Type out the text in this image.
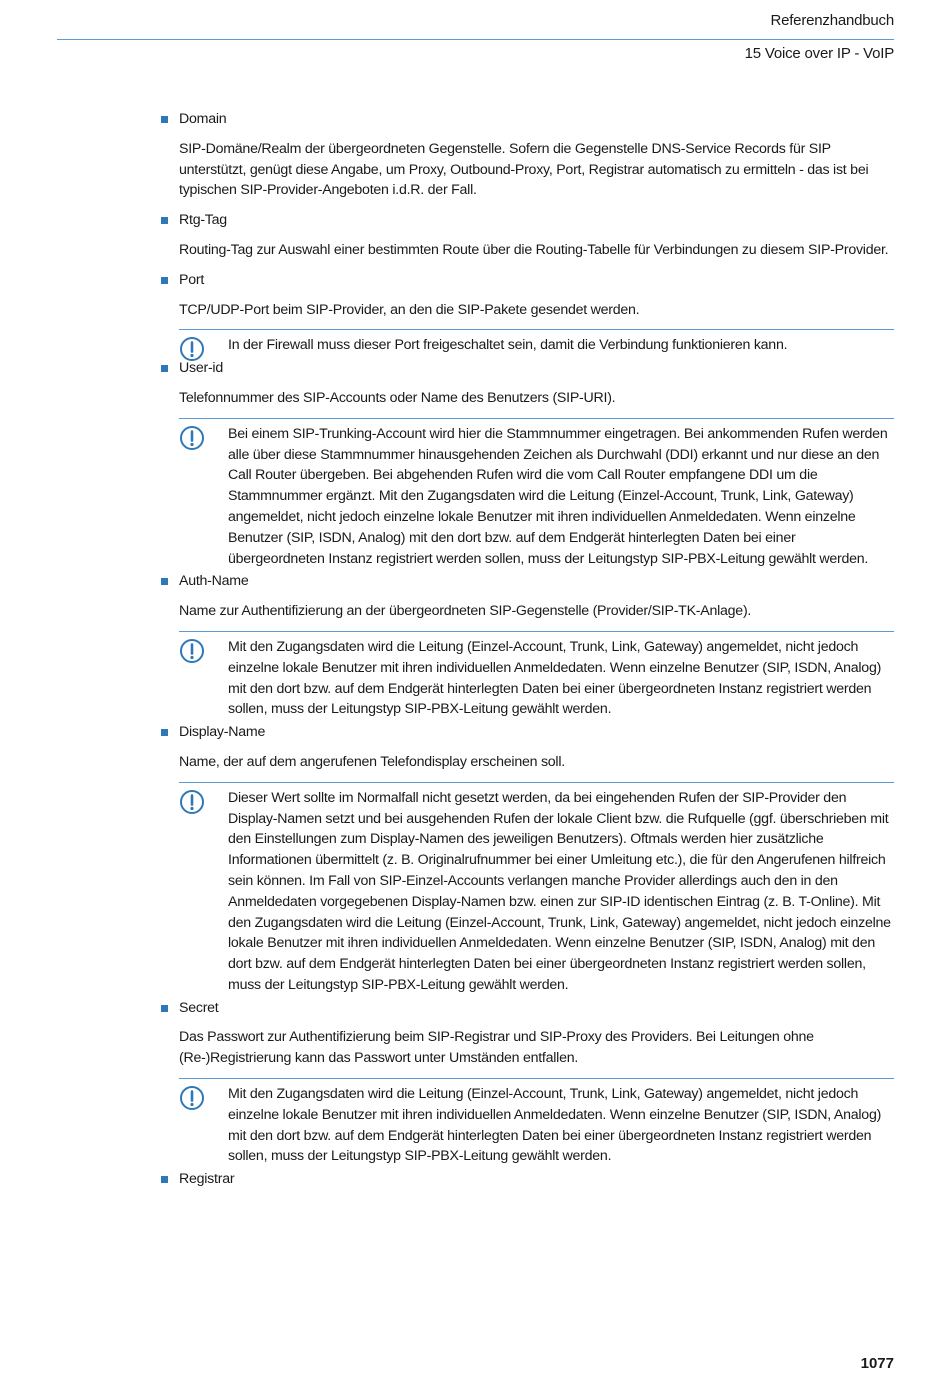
Referenzhandbuch
15 Voice over IP - VoIP
Domain
SIP-Domäne/Realm der übergeordneten Gegenstelle. Sofern die Gegenstelle DNS-Service Records für SIP unterstützt, genügt diese Angabe, um Proxy, Outbound-Proxy, Port, Registrar automatisch zu ermitteln - das ist bei typischen SIP-Provider-Angeboten i.d.R. der Fall.
Rtg-Tag
Routing-Tag zur Auswahl einer bestimmten Route über die Routing-Tabelle für Verbindungen zu diesem SIP-Provider.
Port
TCP/UDP-Port beim SIP-Provider, an den die SIP-Pakete gesendet werden.
In der Firewall muss dieser Port freigeschaltet sein, damit die Verbindung funktionieren kann.
User-id
Telefonnummer des SIP-Accounts oder Name des Benutzers (SIP-URI).
Bei einem SIP-Trunking-Account wird hier die Stammnummer eingetragen. Bei ankommenden Rufen werden alle über diese Stammnummer hinausgehenden Zeichen als Durchwahl (DDI) erkannt und nur diese an den Call Router übergeben. Bei abgehenden Rufen wird die vom Call Router empfangene DDI um die Stammnummer ergänzt. Mit den Zugangsdaten wird die Leitung (Einzel-Account, Trunk, Link, Gateway) angemeldet, nicht jedoch einzelne lokale Benutzer mit ihren individuellen Anmeldedaten. Wenn einzelne Benutzer (SIP, ISDN, Analog) mit den dort bzw. auf dem Endgerät hinterlegten Daten bei einer übergeordneten Instanz registriert werden sollen, muss der Leitungstyp SIP-PBX-Leitung gewählt werden.
Auth-Name
Name zur Authentifizierung an der übergeordneten SIP-Gegenstelle (Provider/SIP-TK-Anlage).
Mit den Zugangsdaten wird die Leitung (Einzel-Account, Trunk, Link, Gateway) angemeldet, nicht jedoch einzelne lokale Benutzer mit ihren individuellen Anmeldedaten. Wenn einzelne Benutzer (SIP, ISDN, Analog) mit den dort bzw. auf dem Endgerät hinterlegten Daten bei einer übergeordneten Instanz registriert werden sollen, muss der Leitungstyp SIP-PBX-Leitung gewählt werden.
Display-Name
Name, der auf dem angerufenen Telefondisplay erscheinen soll.
Dieser Wert sollte im Normalfall nicht gesetzt werden, da bei eingehenden Rufen der SIP-Provider den Display-Namen setzt und bei ausgehenden Rufen der lokale Client bzw. die Rufquelle (ggf. überschrieben mit den Einstellungen zum Display-Namen des jeweiligen Benutzers). Oftmals werden hier zusätzliche Informationen übermittelt (z. B. Originalrufnummer bei einer Umleitung etc.), die für den Angerufenen hilfreich sein können. Im Fall von SIP-Einzel-Accounts verlangen manche Provider allerdings auch den in den Anmeldedaten vorgegebenen Display-Namen bzw. einen zur SIP-ID identischen Eintrag (z. B. T-Online). Mit den Zugangsdaten wird die Leitung (Einzel-Account, Trunk, Link, Gateway) angemeldet, nicht jedoch einzelne lokale Benutzer mit ihren individuellen Anmeldedaten. Wenn einzelne Benutzer (SIP, ISDN, Analog) mit den dort bzw. auf dem Endgerät hinterlegten Daten bei einer übergeordneten Instanz registriert werden sollen, muss der Leitungstyp SIP-PBX-Leitung gewählt werden.
Secret
Das Passwort zur Authentifizierung beim SIP-Registrar und SIP-Proxy des Providers. Bei Leitungen ohne (Re-)Registrierung kann das Passwort unter Umständen entfallen.
Mit den Zugangsdaten wird die Leitung (Einzel-Account, Trunk, Link, Gateway) angemeldet, nicht jedoch einzelne lokale Benutzer mit ihren individuellen Anmeldedaten. Wenn einzelne Benutzer (SIP, ISDN, Analog) mit den dort bzw. auf dem Endgerät hinterlegten Daten bei einer übergeordneten Instanz registriert werden sollen, muss der Leitungstyp SIP-PBX-Leitung gewählt werden.
Registrar
1077
